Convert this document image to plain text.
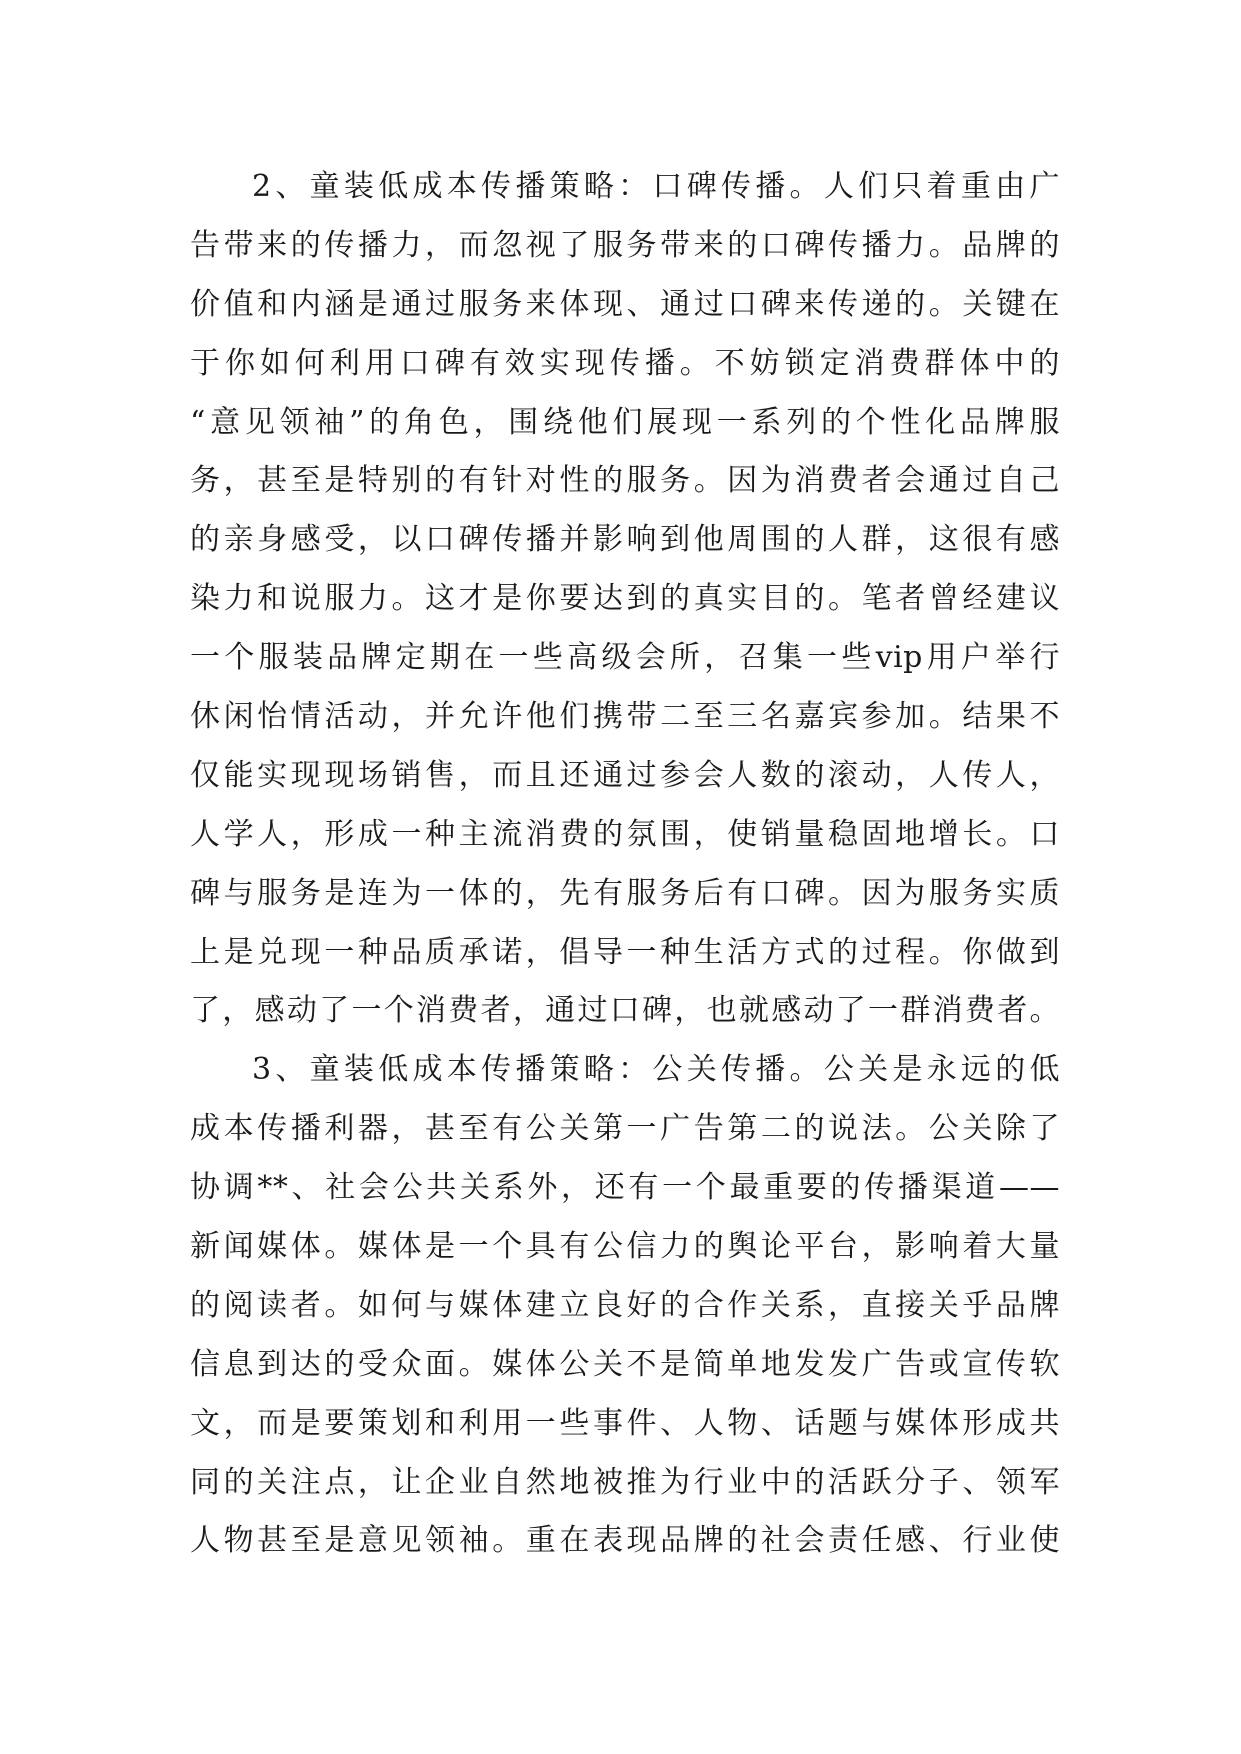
2、童装低成本传播策略：口碑传播。人们只着重由广
告带来的传播力，而忽视了服务带来的口碑传播力。品牌的
价值和内涵是通过服务来体现、通过口碑来传递的。关键在
于你如何利用口碑有效实现传播。不妨锁定消费群体中的
“意见领袖”的角色，围绕他们展现一系列的个性化品牌服
务，甚至是特别的有针对性的服务。因为消费者会通过自己
的亲身感受，以口碑传播并影响到他周围的人群，这很有感
染力和说服力。这才是你要达到的真实目的。笔者曾经建议
一个服装品牌定期在一些高级会所，召集一些vip用户举行
休闲怡情活动，并允许他们携带二至三名嘉宾参加。结果不
仅能实现现场销售，而且还通过参会人数的滚动，人传人，
人学人，形成一种主流消费的氛围，使销量稳固地增长。口
碑与服务是连为一体的，先有服务后有口碑。因为服务实质
上是兑现一种品质承诺，倡导一种生活方式的过程。你做到
了，感动了一个消费者，通过口碑，也就感动了一群消费者。
3、童装低成本传播策略：公关传播。公关是永远的低
成本传播利器，甚至有公关第一广告第二的说法。公关除了
协调**、社会公共关系外，还有一个最重要的传播渠道——
新闻媒体。媒体是一个具有公信力的舆论平台，影响着大量
的阅读者。如何与媒体建立良好的合作关系，直接关乎品牌
信息到达的受众面。媒体公关不是简单地发发广告或宣传软
文，而是要策划和利用一些事件、人物、话题与媒体形成共
同的关注点，让企业自然地被推为行业中的活跃分子、领军
人物甚至是意见领袖。重在表现品牌的社会责任感、行业使
